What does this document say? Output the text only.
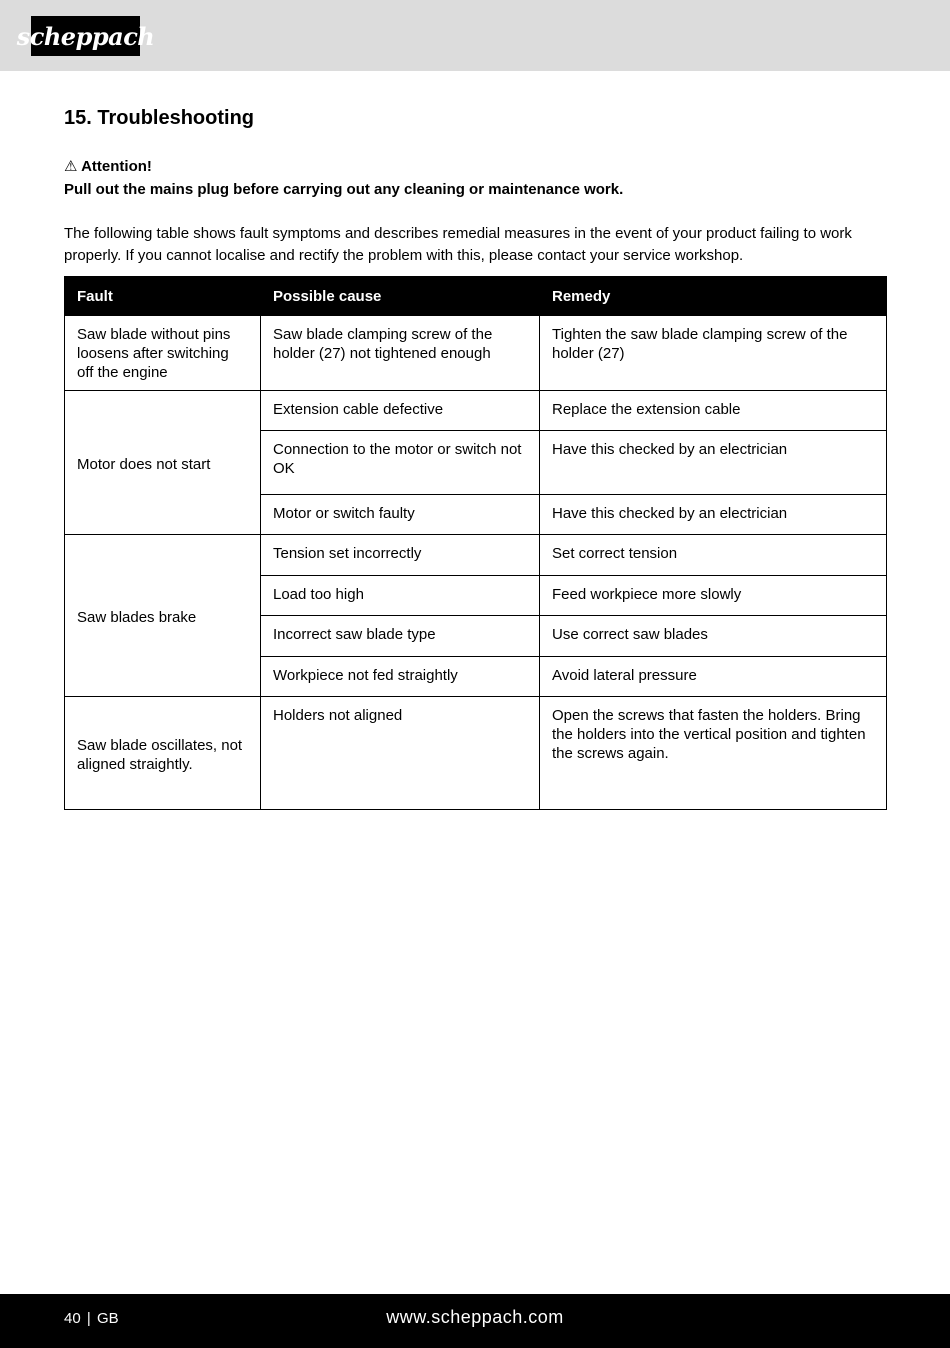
scheppach
15. Troubleshooting
⚠ Attention!
Pull out the mains plug before carrying out any cleaning or maintenance work.
The following table shows fault symptoms and describes remedial measures in the event of your product failing to work properly. If you cannot localise and rectify the problem with this, please contact your service workshop.
Fault	Possible cause	Remedy
Saw blade without pins loosens after switching off the engine	Saw blade clamping screw of the holder (27) not tightened enough	Tighten the saw blade clamping screw of the holder (27)
Motor does not start	Extension cable defective	Replace the extension cable
	Connection to the motor or switch not OK	Have this checked by an electrician
	Motor or switch faulty	Have this checked by an electrician
Saw blades brake	Tension set incorrectly	Set correct tension
	Load too high	Feed workpiece more slowly
	Incorrect saw blade type	Use correct saw blades
	Workpiece not fed straightly	Avoid lateral pressure
Saw blade oscillates, not aligned straightly.	Holders not aligned	Open the screws that fasten the holders. Bring the holders into the vertical position and tighten the screws again.
40 | GB	www.scheppach.com
